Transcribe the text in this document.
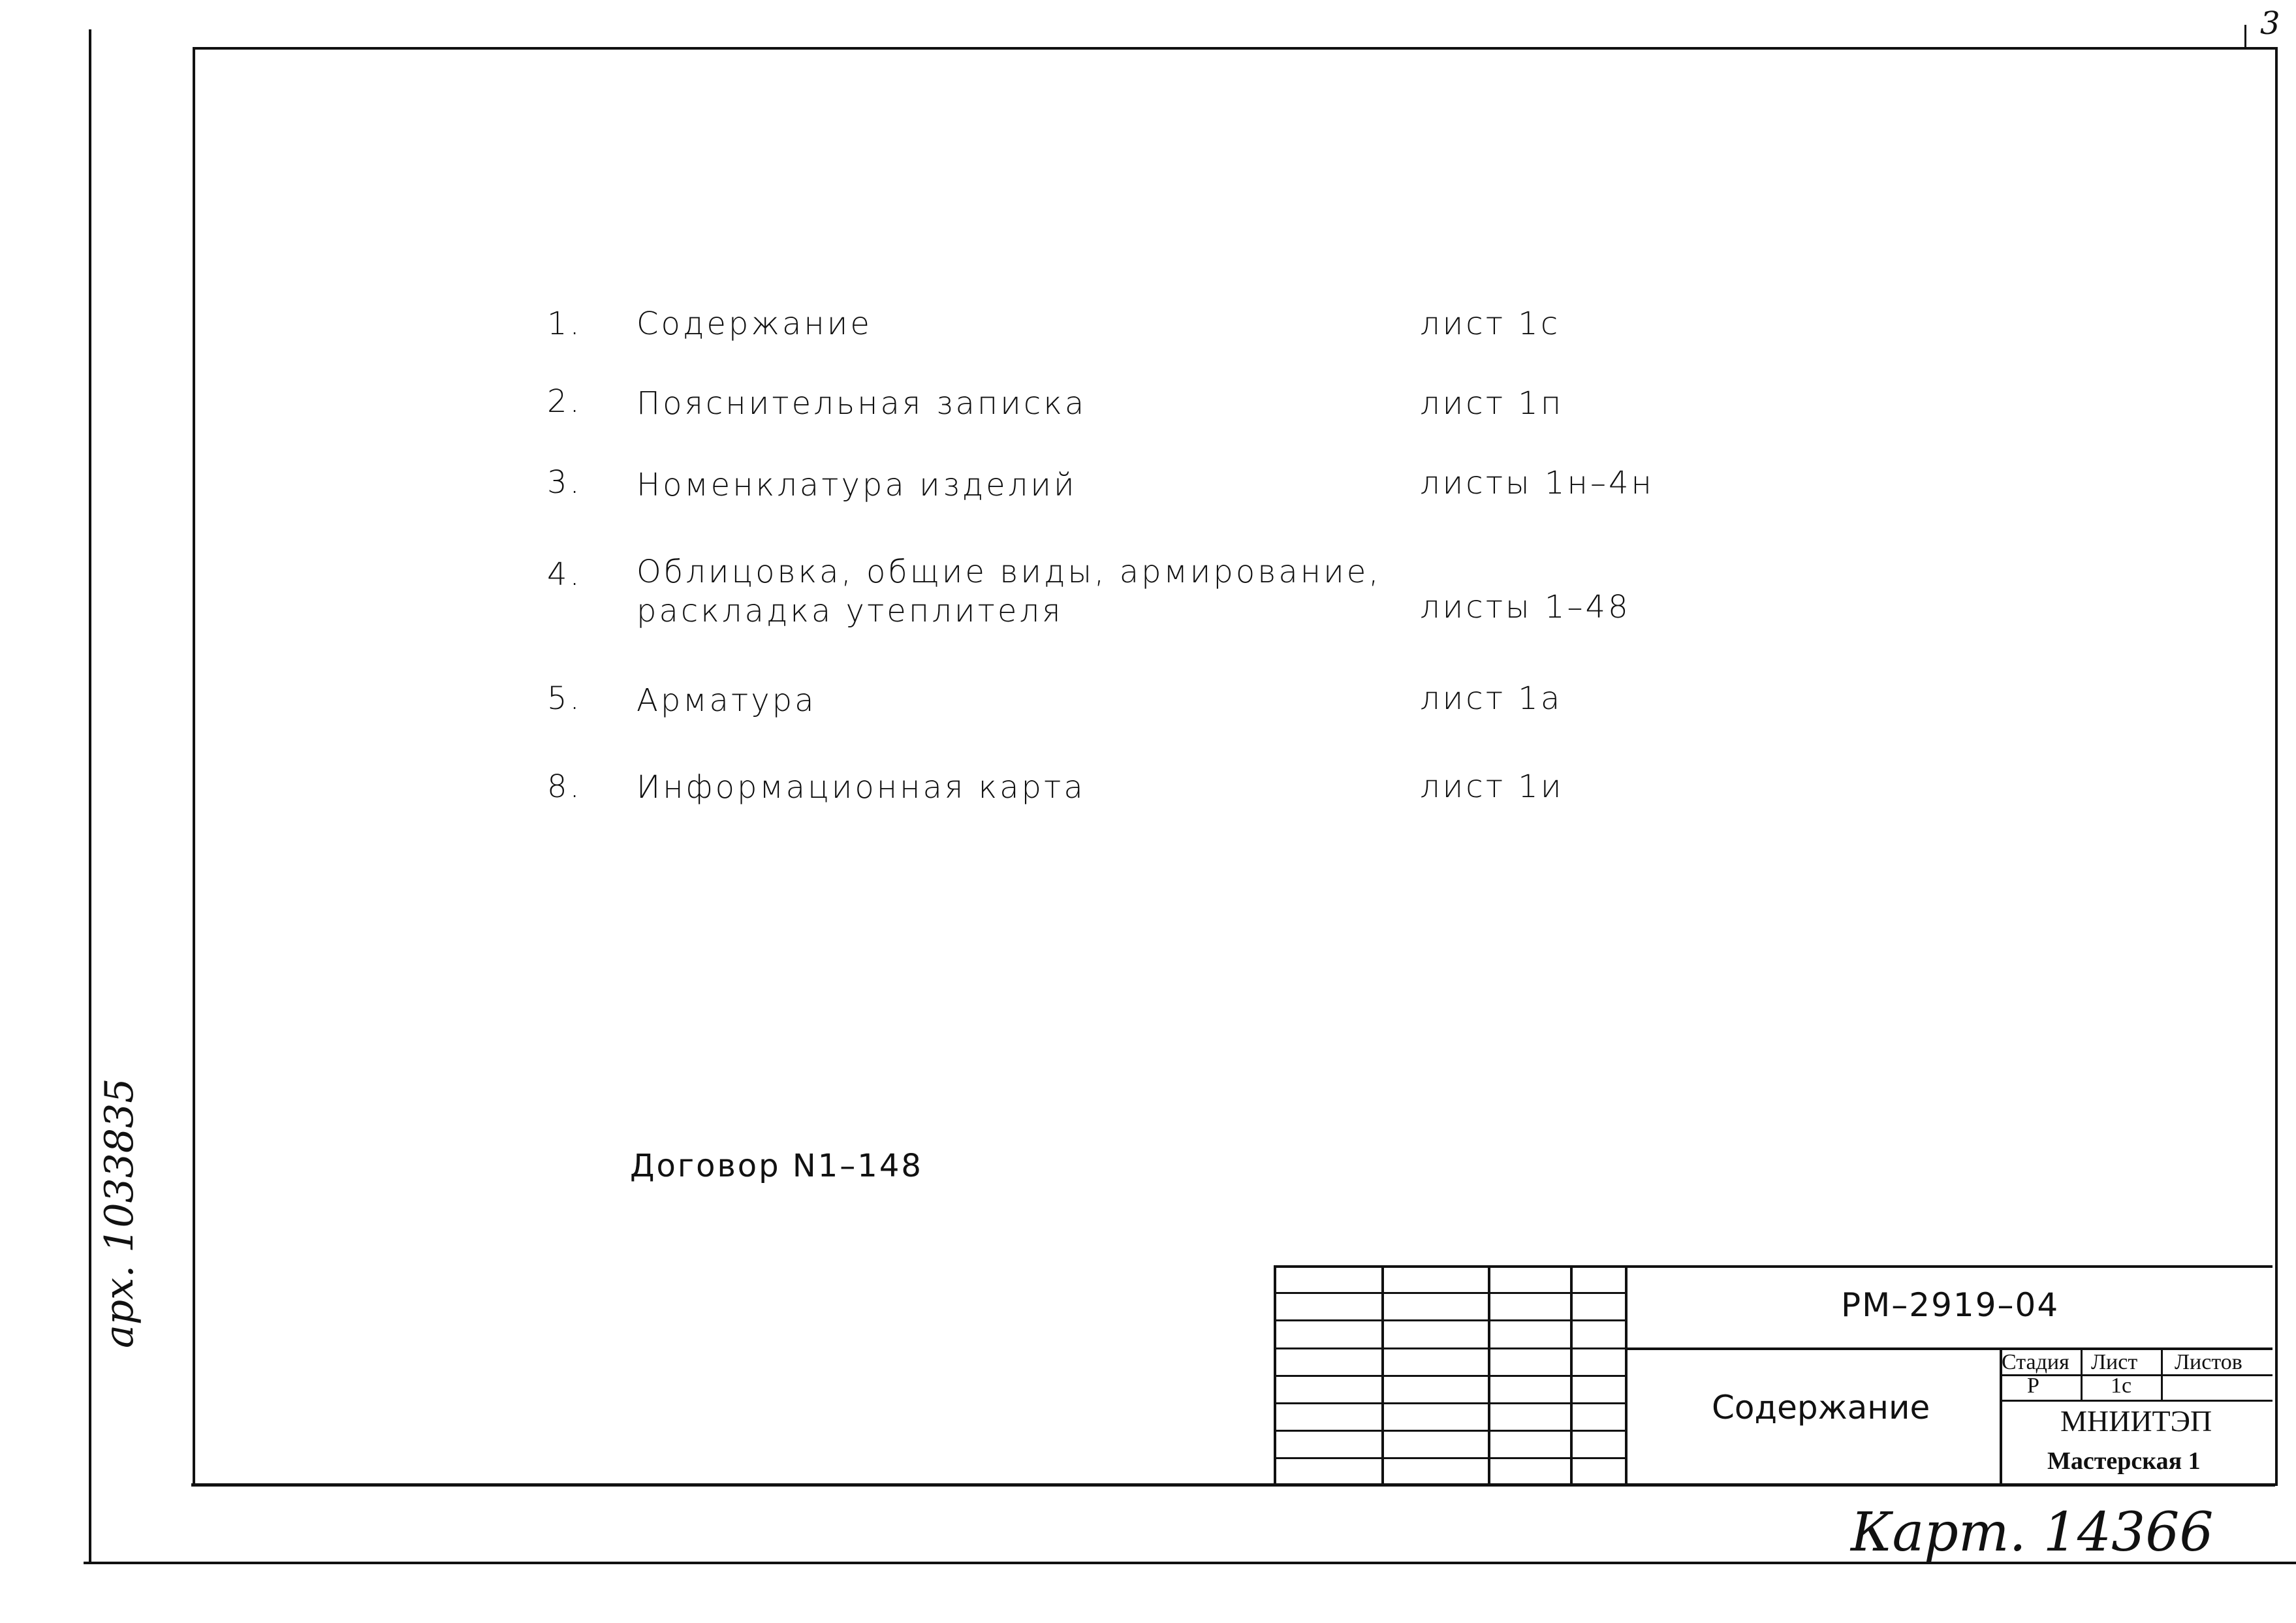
3
1. Содержание	лист 1с
2. Пояснительная записка	лист 1п
3. Номенклатура изделий	листы 1н–4н
4. Облицовка, общие виды, армирование,
раскладка утеплителя	листы 1–48
5. Арматура	лист 1а
8. Информационная карта	лист 1и
Договор N1–148
арх. 1033835	РМ–2919–04
Содержание
Стадия Лист Листов
Р	1с
МНИИТЭП
Мастерская 1
Карт. 14366
